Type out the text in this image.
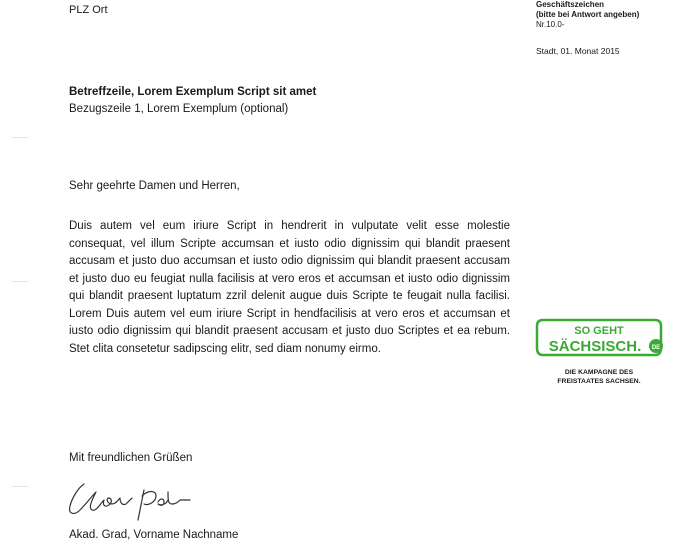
PLZ Ort	Geschäftszeichen
(bitte bei Antwort angeben)
Nr.10.0-
Stadt, 01. Monat 2015
Betreffzeile, Lorem Exemplum Script sit amet
Bezugszeile 1, Lorem Exemplum (optional)
Sehr geehrte Damen und Herren,
Duis autem vel eum iriure Script in hendrerit in vulputate velit esse molestie consequat, vel illum Scripte accumsan et iusto odio dignissim qui blandit praesent accusam et justo duo accumsan et iusto odio dignissim qui blandit praesent accusam et justo duo eu feugiat nulla facilisis at vero eros et accumsan et iusto odio dignissim qui blandit praesent luptatum zzril delenit augue duis Scripte te feugait nulla facilisi. Lorem Duis autem vel eum iriure Script in hendfacilisis at vero eros et accumsan et iusto odio dignissim qui blandit praesent accusam et justo duo Scriptes et ea rebum. Stet clita consetetur sadipscing elitr, sed diam nonumy eirmo.
SO GEHT
SÄCHSISCH. DE
DIE KAMPAGNE DES
FREISTAATES SACHSEN.
Mit freundlichen Grüßen
Akad. Grad, Vorname Nachname
